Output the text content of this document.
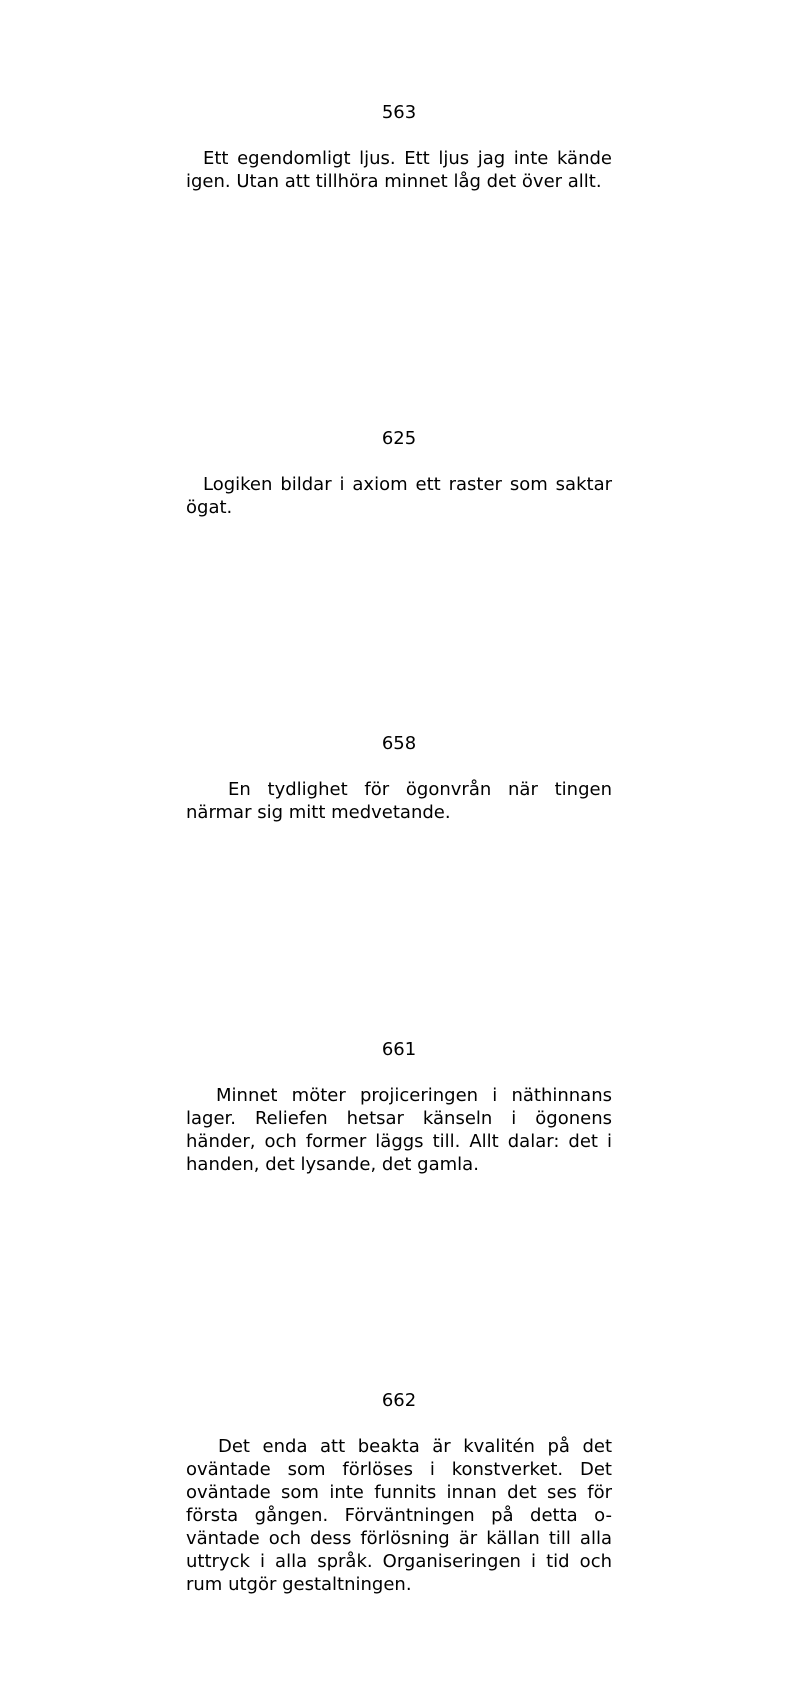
563

Ett egendomligt ljus. Ett ljus jag inte kände igen. Utan att tillhöra minnet låg det över allt.

625

Logiken bildar i axiom ett raster som saktar ögat.

658

En tydlighet för ögonvrån när tingen närmar sig mitt medvetande.

661

Minnet möter projiceringen i näthinnans lager. Reliefen hetsar känseln i ögonens händer, och former läggs till. Allt dalar: det i handen, det lysande, det gamla.

662

Det enda att beakta är kvalitén på det oväntade som förlöses i konstverket. Det oväntade som inte funnits innan det ses för första gången. Förväntningen på detta o-väntade och dess förlösning är källan till alla uttryck i alla språk. Organiseringen i tid och rum utgör gestaltningen.
